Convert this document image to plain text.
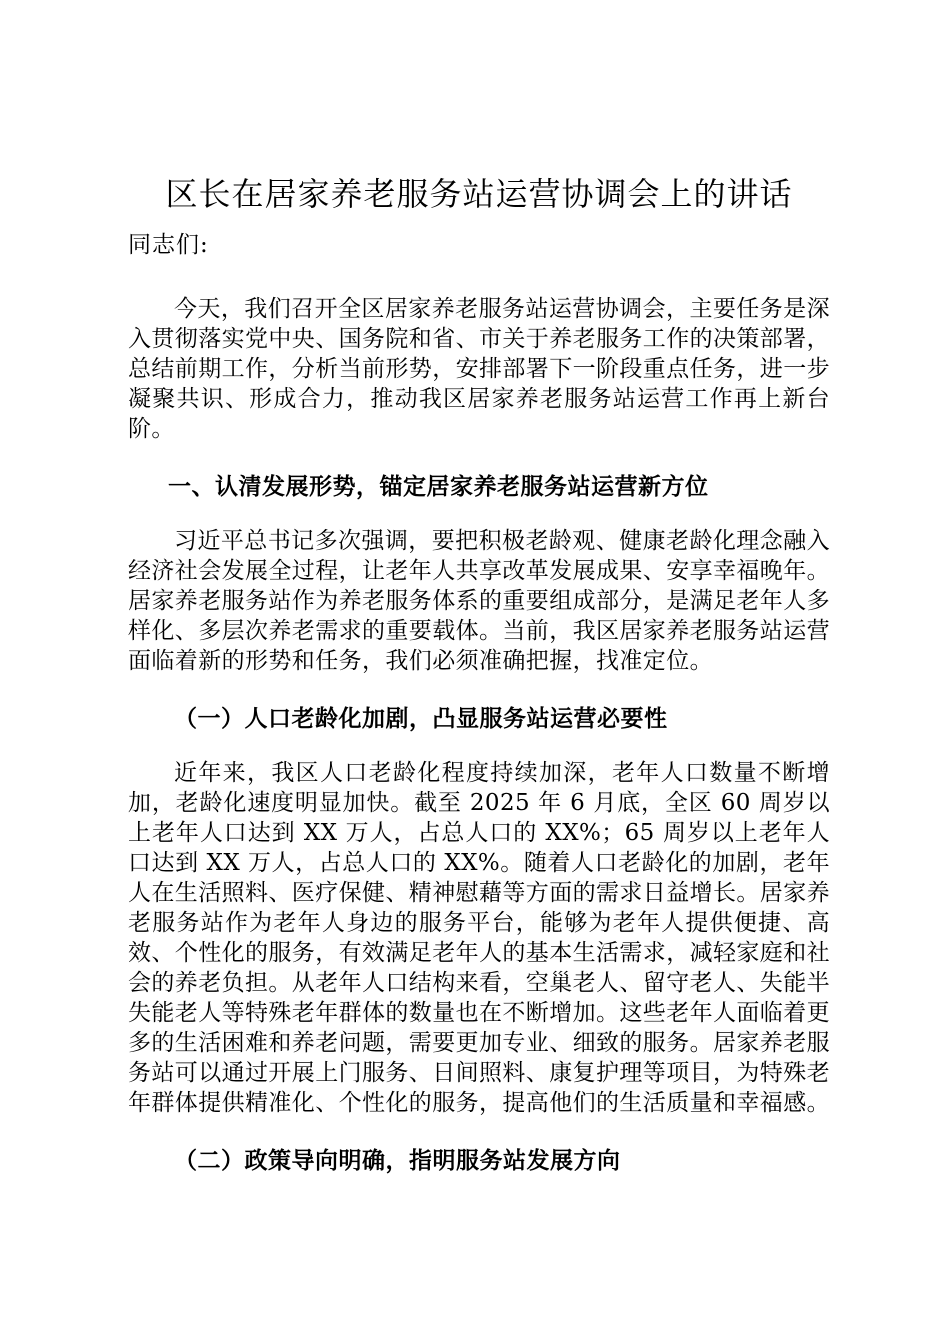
区长在居家养老服务站运营协调会上的讲话

同志们:

今天，我们召开全区居家养老服务站运营协调会，主要任务是深入贯彻落实党中央、国务院和省、市关于养老服务工作的决策部署，总结前期工作，分析当前形势，安排部署下一阶段重点任务，进一步凝聚共识、形成合力，推动我区居家养老服务站运营工作再上新台阶。

一、认清发展形势，锚定居家养老服务站运营新方位

习近平总书记多次强调，要把积极老龄观、健康老龄化理念融入经济社会发展全过程，让老年人共享改革发展成果、安享幸福晚年。居家养老服务站作为养老服务体系的重要组成部分，是满足老年人多样化、多层次养老需求的重要载体。当前，我区居家养老服务站运营面临着新的形势和任务，我们必须准确把握，找准定位。

（一）人口老龄化加剧，凸显服务站运营必要性

近年来，我区人口老龄化程度持续加深，老年人口数量不断增加，老龄化速度明显加快。截至 2025 年 6 月底，全区 60 周岁以上老年人口达到 XX 万人，占总人口的 XX%；65 周岁以上老年人口达到 XX 万人，占总人口的 XX%。随着人口老龄化的加剧，老年人在生活照料、医疗保健、精神慰藉等方面的需求日益增长。居家养老服务站作为老年人身边的服务平台，能够为老年人提供便捷、高效、个性化的服务，有效满足老年人的基本生活需求，减轻家庭和社会的养老负担。从老年人口结构来看，空巢老人、留守老人、失能半失能老人等特殊老年群体的数量也在不断增加。这些老年人面临着更多的生活困难和养老问题，需要更加专业、细致的服务。居家养老服务站可以通过开展上门服务、日间照料、康复护理等项目，为特殊老年群体提供精准化、个性化的服务，提高他们的生活质量和幸福感。

（二）政策导向明确，指明服务站发展方向
